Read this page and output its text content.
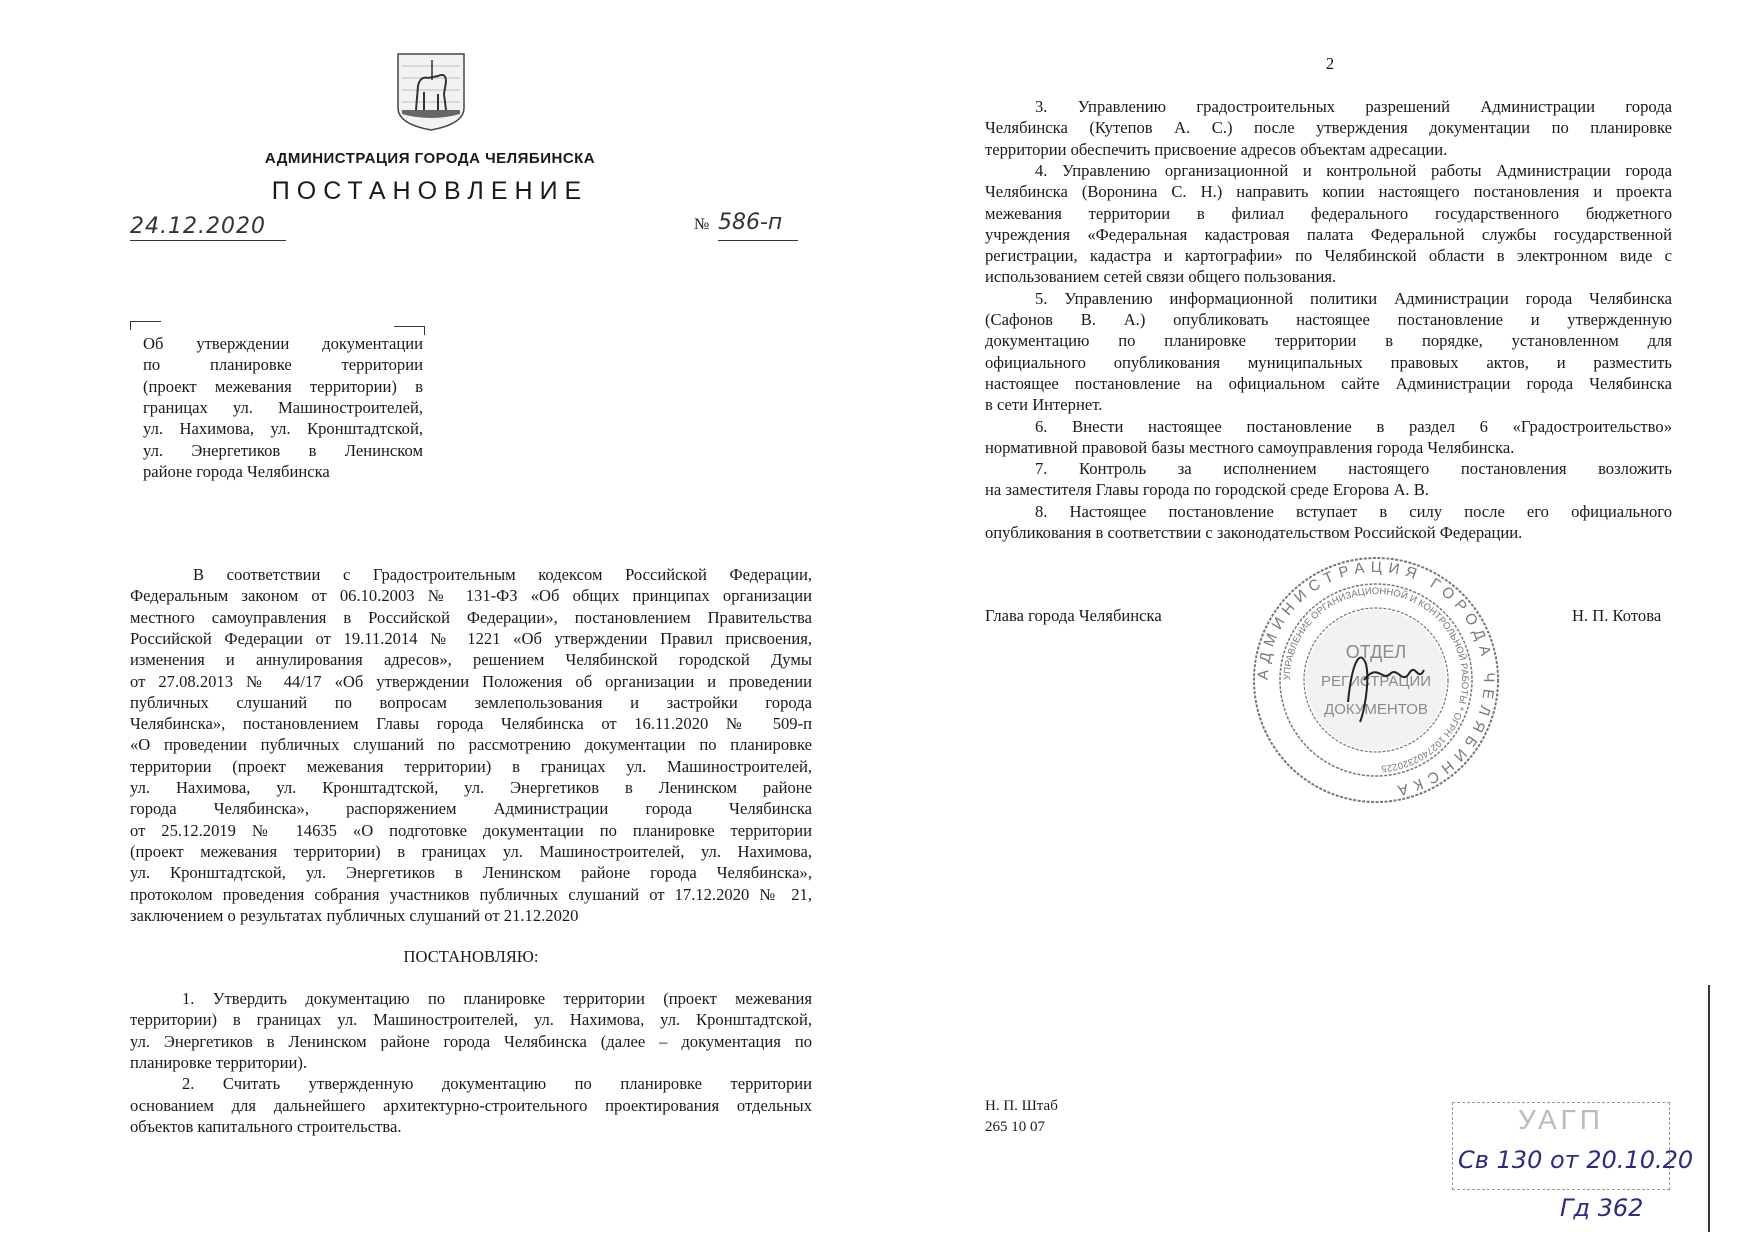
АДМИНИСТРАЦИЯ ГОРОДА ЧЕЛЯБИНСКА
ПОСТАНОВЛЕНИЕ
24.12.2020	№ 586-п
Об утверждении документации
по планировке территории
(проект межевания территории) в
границах ул. Машиностроителей,
ул. Нахимова, ул. Кронштадтской,
ул. Энергетиков в Ленинском
районе города Челябинска
В соответствии с Градостроительным кодексом Российской Федерации,
Федеральным законом от 06.10.2003 № 131-ФЗ «Об общих принципах организации
местного самоуправления в Российской Федерации», постановлением Правительства
Российской Федерации от 19.11.2014 № 1221 «Об утверждении Правил присвоения,
изменения и аннулирования адресов», решением Челябинской городской Думы
от 27.08.2013 № 44/17 «Об утверждении Положения об организации и проведении
публичных слушаний по вопросам землепользования и застройки города
Челябинска», постановлением Главы города Челябинска от 16.11.2020 № 509-п
«О проведении публичных слушаний по рассмотрению документации по планировке
территории (проект межевания территории) в границах ул. Машиностроителей,
ул. Нахимова, ул. Кронштадтской, ул. Энергетиков в Ленинском районе
города Челябинска», распоряжением Администрации города Челябинска
от 25.12.2019 № 14635 «О подготовке документации по планировке территории
(проект межевания территории) в границах ул. Машиностроителей, ул. Нахимова,
ул. Кронштадтской, ул. Энергетиков в Ленинском районе города Челябинска»,
протоколом проведения собрания участников публичных слушаний от 17.12.2020 № 21,
заключением о результатах публичных слушаний от 21.12.2020
ПОСТАНОВЛЯЮ:
1. Утвердить документацию по планировке территории (проект межевания
территории) в границах ул. Машиностроителей, ул. Нахимова, ул. Кронштадтской,
ул. Энергетиков в Ленинском районе города Челябинска (далее – документация по
планировке территории).
2. Считать утвержденную документацию по планировке территории
основанием для дальнейшего архитектурно-строительного проектирования отдельных
объектов капитального строительства.
2
3. Управлению градостроительных разрешений Администрации города
Челябинска (Кутепов А. С.) после утверждения документации по планировке
территории обеспечить присвоение адресов объектам адресации.
4. Управлению организационной и контрольной работы Администрации города
Челябинска (Воронина С. Н.) направить копии настоящего постановления и проекта
межевания территории в филиал федерального государственного бюджетного
учреждения «Федеральная кадастровая палата Федеральной службы государственной
регистрации, кадастра и картографии» по Челябинской области в электронном виде с
использованием сетей связи общего пользования.
5. Управлению информационной политики Администрации города Челябинска
(Сафонов В. А.) опубликовать настоящее постановление и утвержденную
документацию по планировке территории в порядке, установленном для
официального опубликования муниципальных правовых актов, и разместить
настоящее постановление на официальном сайте Администрации города Челябинска
в сети Интернет.
6. Внести настоящее постановление в раздел 6 «Градостроительство»
нормативной правовой базы местного самоуправления города Челябинска.
7. Контроль за исполнением настоящего постановления возложить
на заместителя Главы города по городской среде Егорова А. В.
8. Настоящее постановление вступает в силу после его официального
опубликования в соответствии с законодательством Российской Федерации.
АДМИНИСТРАЦИЯ ГОРОДА ЧЕЛЯБИНСКА
УПРАВЛЕНИЕ ОРГАНИЗАЦИОННОЙ И КОНТРОЛЬНОЙ РАБОТЫ * ОГРН 1027402320225
ОТДЕЛ
РЕГИСТРАЦИИ
ДОКУМЕНТОВ
Глава города Челябинска	Н. П. Котова
Н. П. Штаб
265 10 07	УАГП
Св 130 от 20.10.20
Гд 362
